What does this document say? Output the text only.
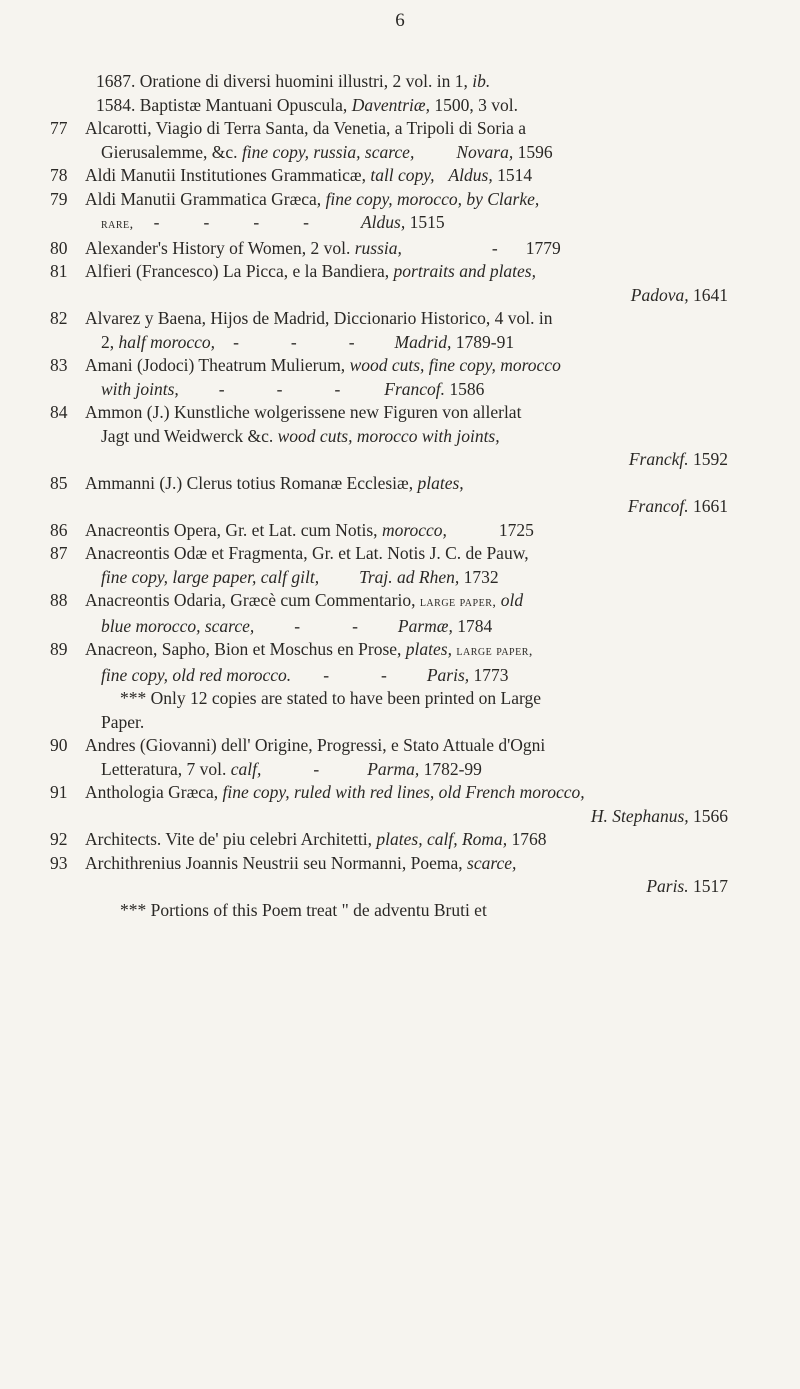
6
1687. Oratione di diversi huomini illustri, 2 vol. in 1, ib.
1584. Baptistæ Mantuani Opuscula, Daventriæ, 1500, 3 vol.
77	Alcarotti, Viagio di Terra Santa, da Venetia, a Tripoli di Soria a
Gierusalemme, &c. fine copy, russia, scarce, Novara, 1596
78	Aldi Manutii Institutiones Grammaticæ, tall copy, Aldus, 1514
79	Aldi Manutii Grammatica Græca, fine copy, morocco, by Clarke,
rare, -	-	-	-	Aldus, 1515
80	Alexander's History of Women, 2 vol. russia,	- 1779
81	Alfieri (Francesco) La Picca, e la Bandiera, portraits and plates,
Padova, 1641
82	Alvarez y Baena, Hijos de Madrid, Diccionario Historico, 4 vol. in
2, half morocco, -	-	- Madrid, 1789-91
83	Amani (Jodoci) Theatrum Mulierum, wood cuts, fine copy, morocco
with joints, -	-	-	Francof. 1586
84	Ammon (J.) Kunstliche wolgerissene new Figuren von allerlat
Jagt und Weidwerck &c. wood cuts, morocco with joints,
Franckf. 1592
85	Ammanni (J.) Clerus totius Romanæ Ecclesiæ, plates,
Francof. 1661
86	Anacreontis Opera, Gr. et Lat. cum Notis, morocco,	1725
87	Anacreontis Odæ et Fragmenta, Gr. et Lat. Notis J. C. de Pauw,
fine copy, large paper, calf gilt, Traj. ad Rhen, 1732
88	Anacreontis Odaria, Græcè cum Commentario, large paper, old
blue morocco, scarce, -	- Parmæ, 1784
89	Anacreon, Sapho, Bion et Moschus en Prose, plates, large paper,
fine copy, old red morocco. -	- Paris, 1773
*** Only 12 copies are stated to have been printed on Large
Paper.
90	Andres (Giovanni) dell' Origine, Progressi, e Stato Attuale d'Ogni
Letteratura, 7 vol. calf,	-	Parma, 1782-99
91	Anthologia Græca, fine copy, ruled with red lines, old French morocco,
H. Stephanus, 1566
92	Architects. Vite de' piu celebri Architetti, plates, calf, Roma, 1768
93	Archithrenius Joannis Neustrii seu Normanni, Poema, scarce,
Paris. 1517
*** Portions of this Poem treat " de adventu Bruti et
